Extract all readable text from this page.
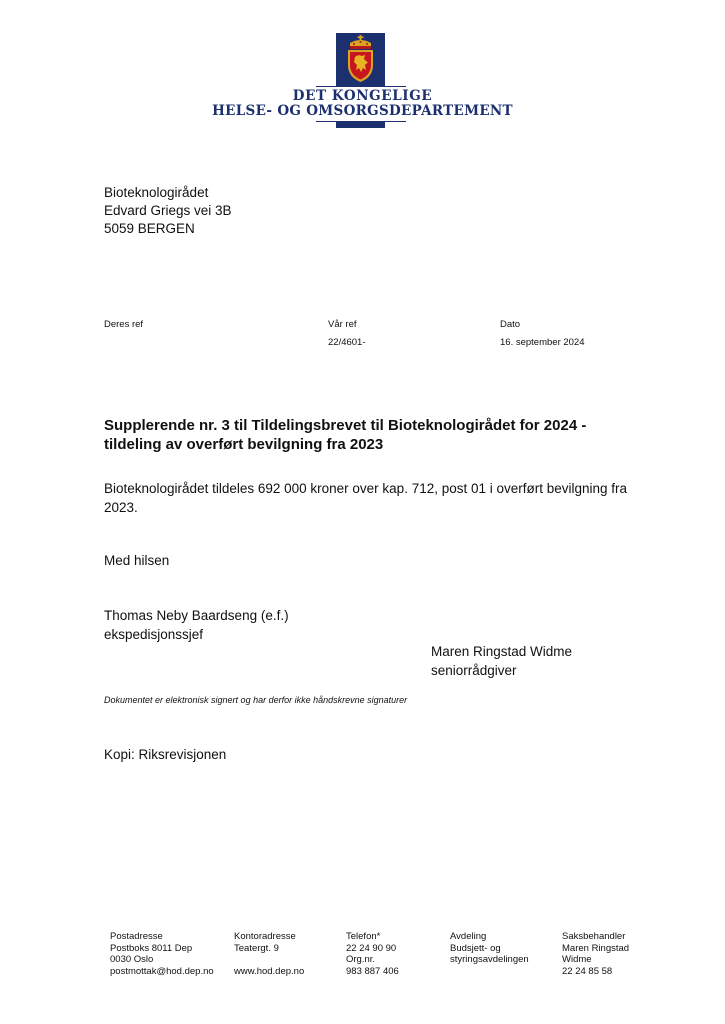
DET KONGELIGE
HELSE- OG OMSORGSDEPARTEMENT
Bioteknologirådet
Edvard Griegs vei 3B
5059 BERGEN
Deres ref
	Vår ref
22/4601-
Dato
16. september 2024
Supplerende nr. 3 til Tildelingsbrevet til Bioteknologirådet for 2024 -
tildeling av overført bevilgning fra 2023
Bioteknologirådet tildeles 692 000 kroner over kap. 712, post 01 i overført bevilgning fra
2023.
Med hilsen
Thomas Neby Baardseng (e.f.)
ekspedisjonssjef
Maren Ringstad Widme
seniorrådgiver
Dokumentet er elektronisk signert og har derfor ikke håndskrevne signaturer
Kopi: Riksrevisjonen
Postadresse
Postboks 8011 Dep
0030 Oslo
postmottak@hod.dep.no
Kontoradresse
Teatergt. 9

www.hod.dep.no
Telefon*
22 24 90 90
Org.nr.
983 887 406
Avdeling
Budsjett- og
styringsavdelingen

Saksbehandler
Maren Ringstad
Widme
22 24 85 58
